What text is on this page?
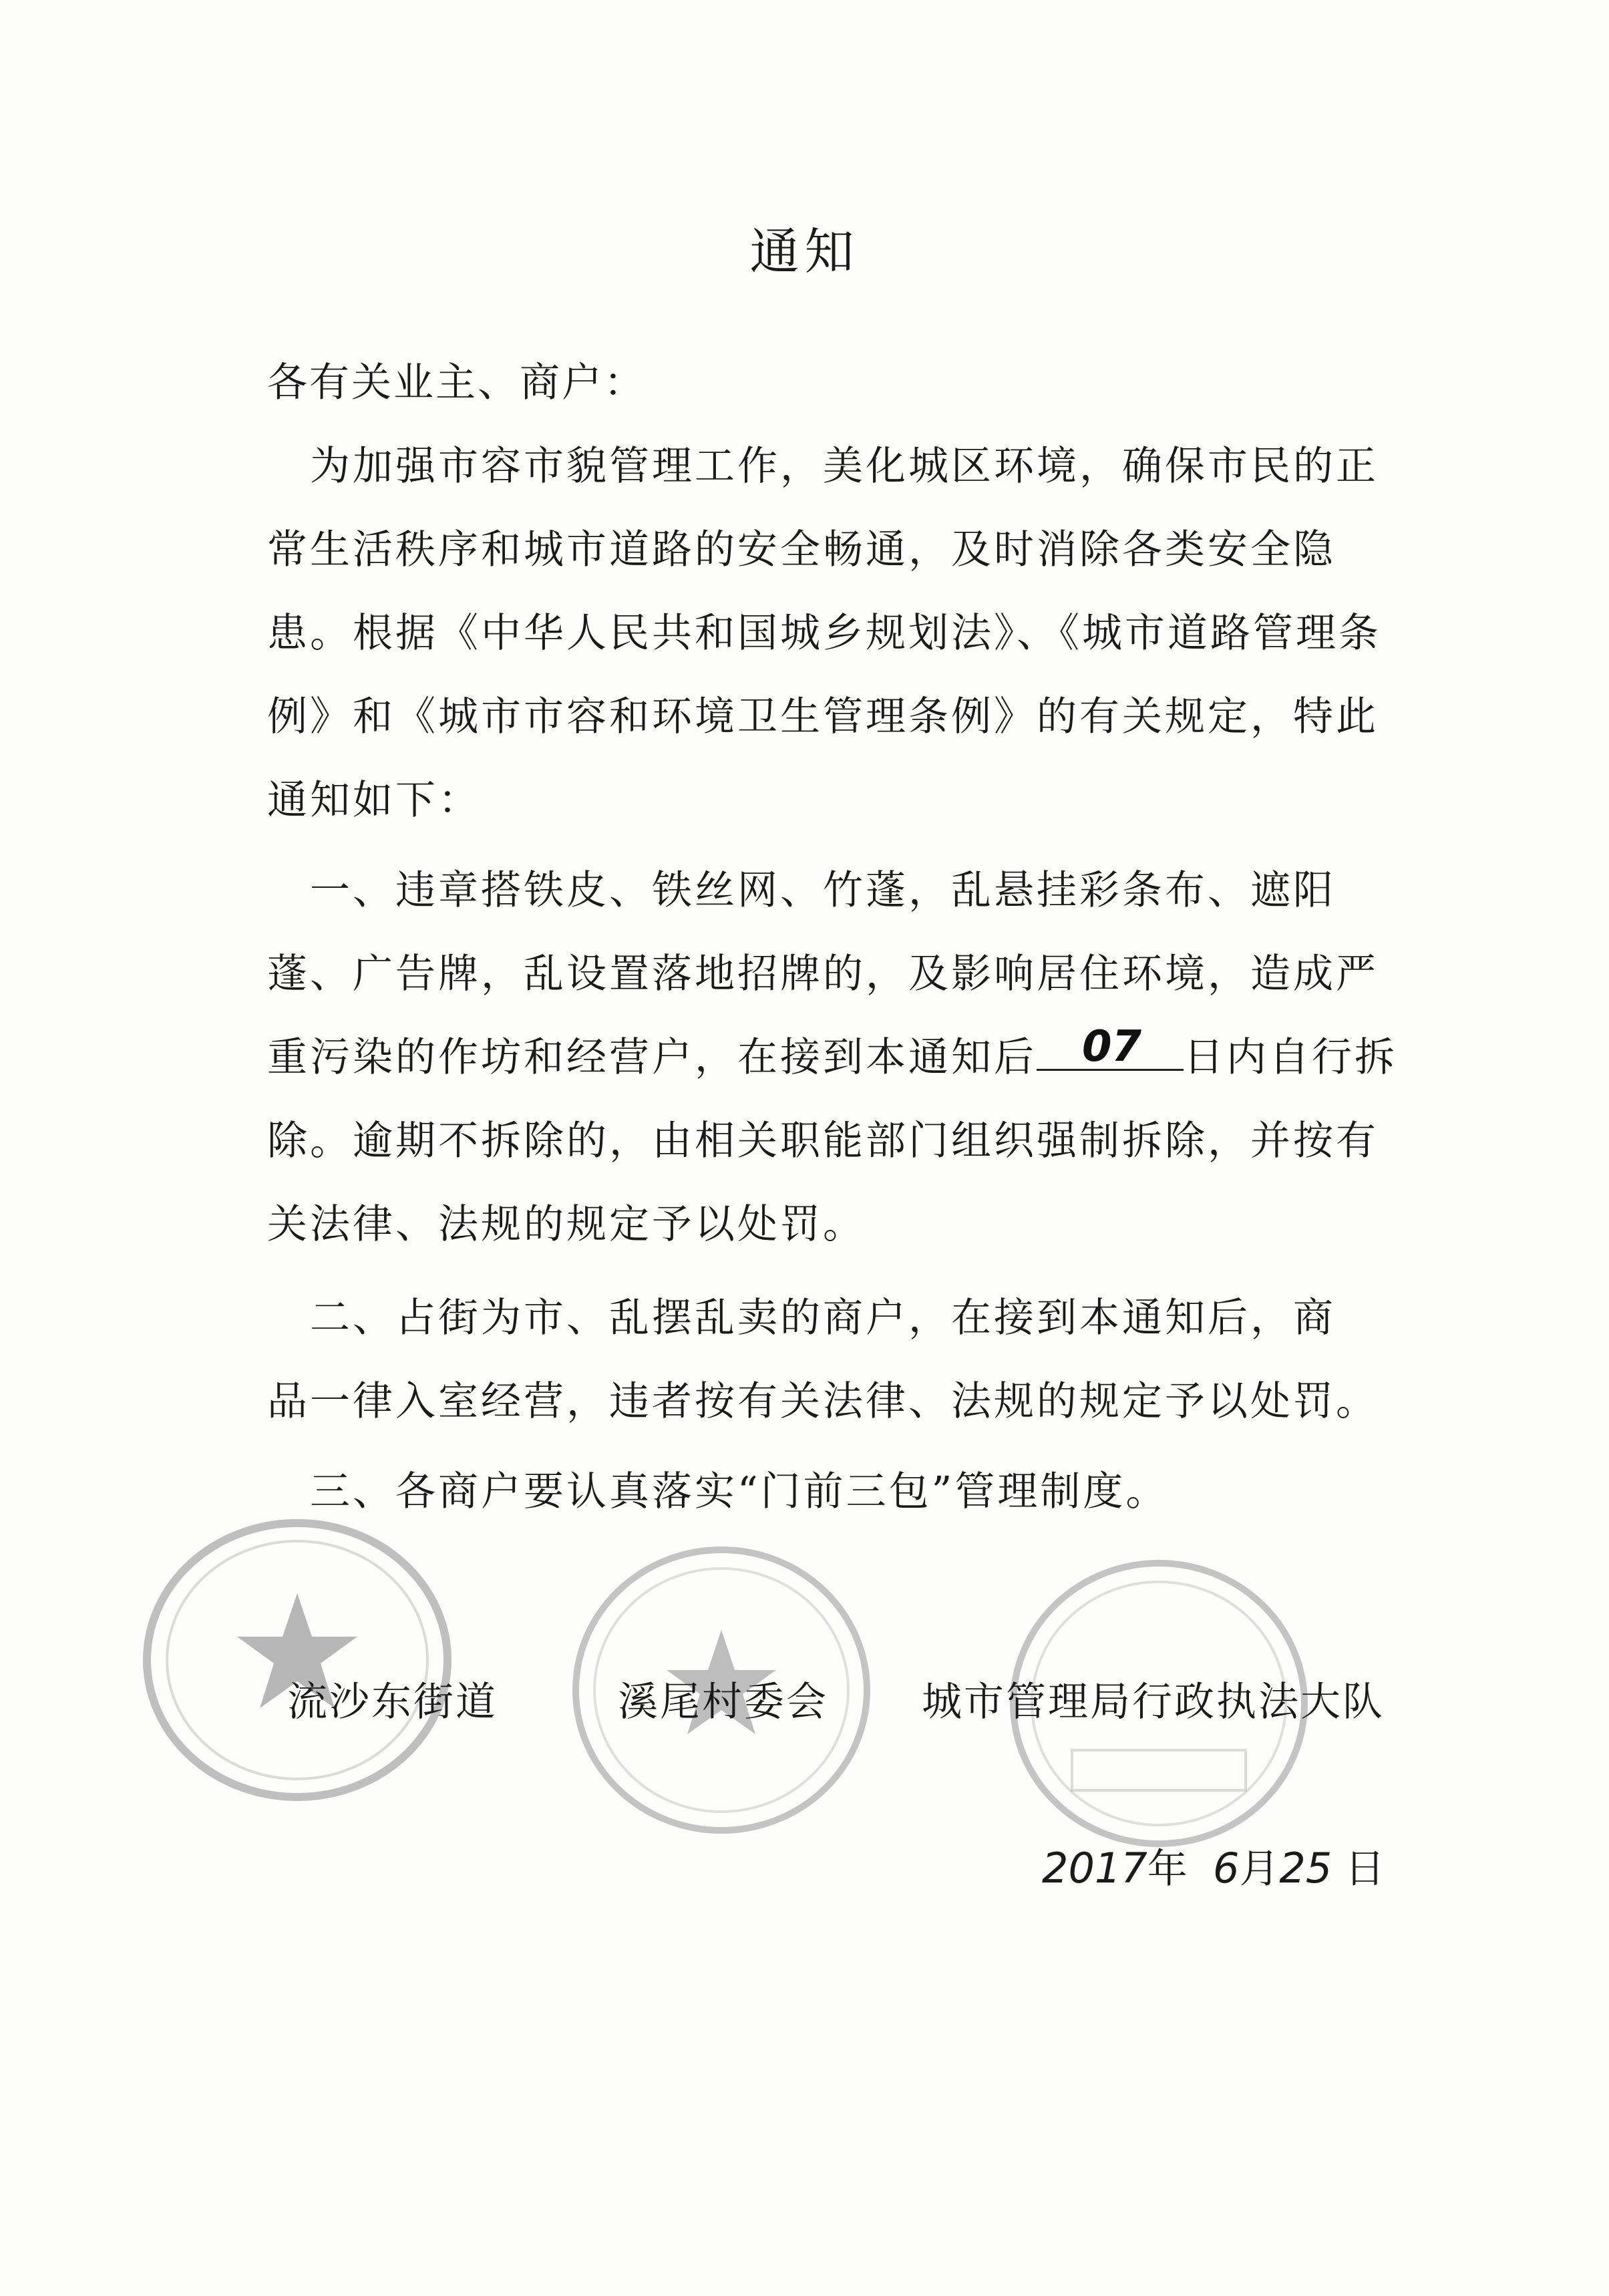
通知
各有关业主、商户：
　为加强市容市貌管理工作，美化城区环境，确保市民的正
常生活秩序和城市道路的安全畅通，及时消除各类安全隐
患。根据《中华人民共和国城乡规划法》、《城市道路管理条
例》和《城市市容和环境卫生管理条例》的有关规定，特此
通知如下：
　一、违章搭铁皮、铁丝网、竹蓬，乱悬挂彩条布、遮阳
蓬、广告牌，乱设置落地招牌的，及影响居住环境，造成严
重污染的作坊和经营户，在接到本通知后	日内自行拆
07
除。逾期不拆除的，由相关职能部门组织强制拆除，并按有
关法律、法规的规定予以处罚。
　二、占街为市、乱摆乱卖的商户，在接到本通知后，商
品一律入室经营，违者按有关法律、法规的规定予以处罚。
　三、各商户要认真落实“门前三包”管理制度。
流沙东街道	溪尾村委会 城市管理局行政执法大队
2017年 6月25 日
